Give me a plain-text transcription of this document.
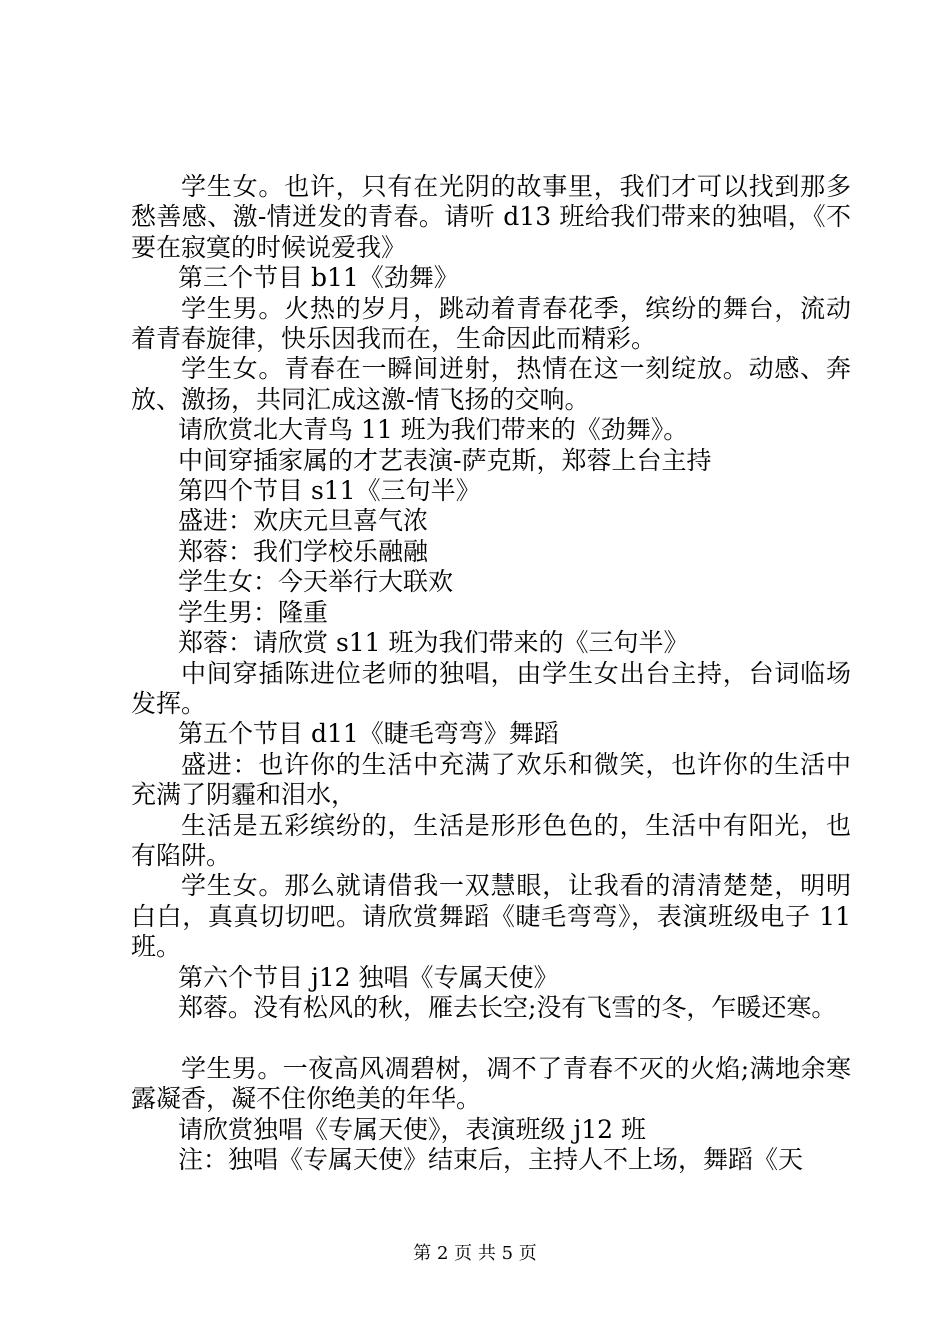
学生女。也许，只有在光阴的故事里，我们才可以找到那多愁善感、激-情迸发的青春。请听 d13 班给我们带来的独唱，《不要在寂寞的时候说爱我》

第三个节目 b11《劲舞》

学生男。火热的岁月，跳动着青春花季，缤纷的舞台，流动着青春旋律，快乐因我而在，生命因此而精彩。

学生女。青春在一瞬间迸射，热情在这一刻绽放。动感、奔放、激扬，共同汇成这激-情飞扬的交响。

请欣赏北大青鸟 11 班为我们带来的《劲舞》。

中间穿插家属的才艺表演-萨克斯，郑蓉上台主持

第四个节目 s11《三句半》

盛进：欢庆元旦喜气浓

郑蓉：我们学校乐融融

学生女：今天举行大联欢

学生男：隆重

郑蓉：请欣赏 s11 班为我们带来的《三句半》

中间穿插陈进位老师的独唱，由学生女出台主持，台词临场发挥。

第五个节目 d11《睫毛弯弯》舞蹈

盛进：也许你的生活中充满了欢乐和微笑，也许你的生活中充满了阴霾和泪水，

生活是五彩缤纷的，生活是形形色色的，生活中有阳光，也有陷阱。

学生女。那么就请借我一双慧眼，让我看的清清楚楚，明明白白，真真切切吧。请欣赏舞蹈《睫毛弯弯》，表演班级电子 11 班。

第六个节目 j12 独唱《专属天使》

郑蓉。没有松风的秋，雁去长空;没有飞雪的冬，乍暖还寒。

学生男。一夜高风凋碧树，凋不了青春不灭的火焰;满地余寒露凝香，凝不住你绝美的年华。

请欣赏独唱《专属天使》，表演班级 j12 班

注：独唱《专属天使》结束后，主持人不上场，舞蹈《天

第 2 页 共 5 页
